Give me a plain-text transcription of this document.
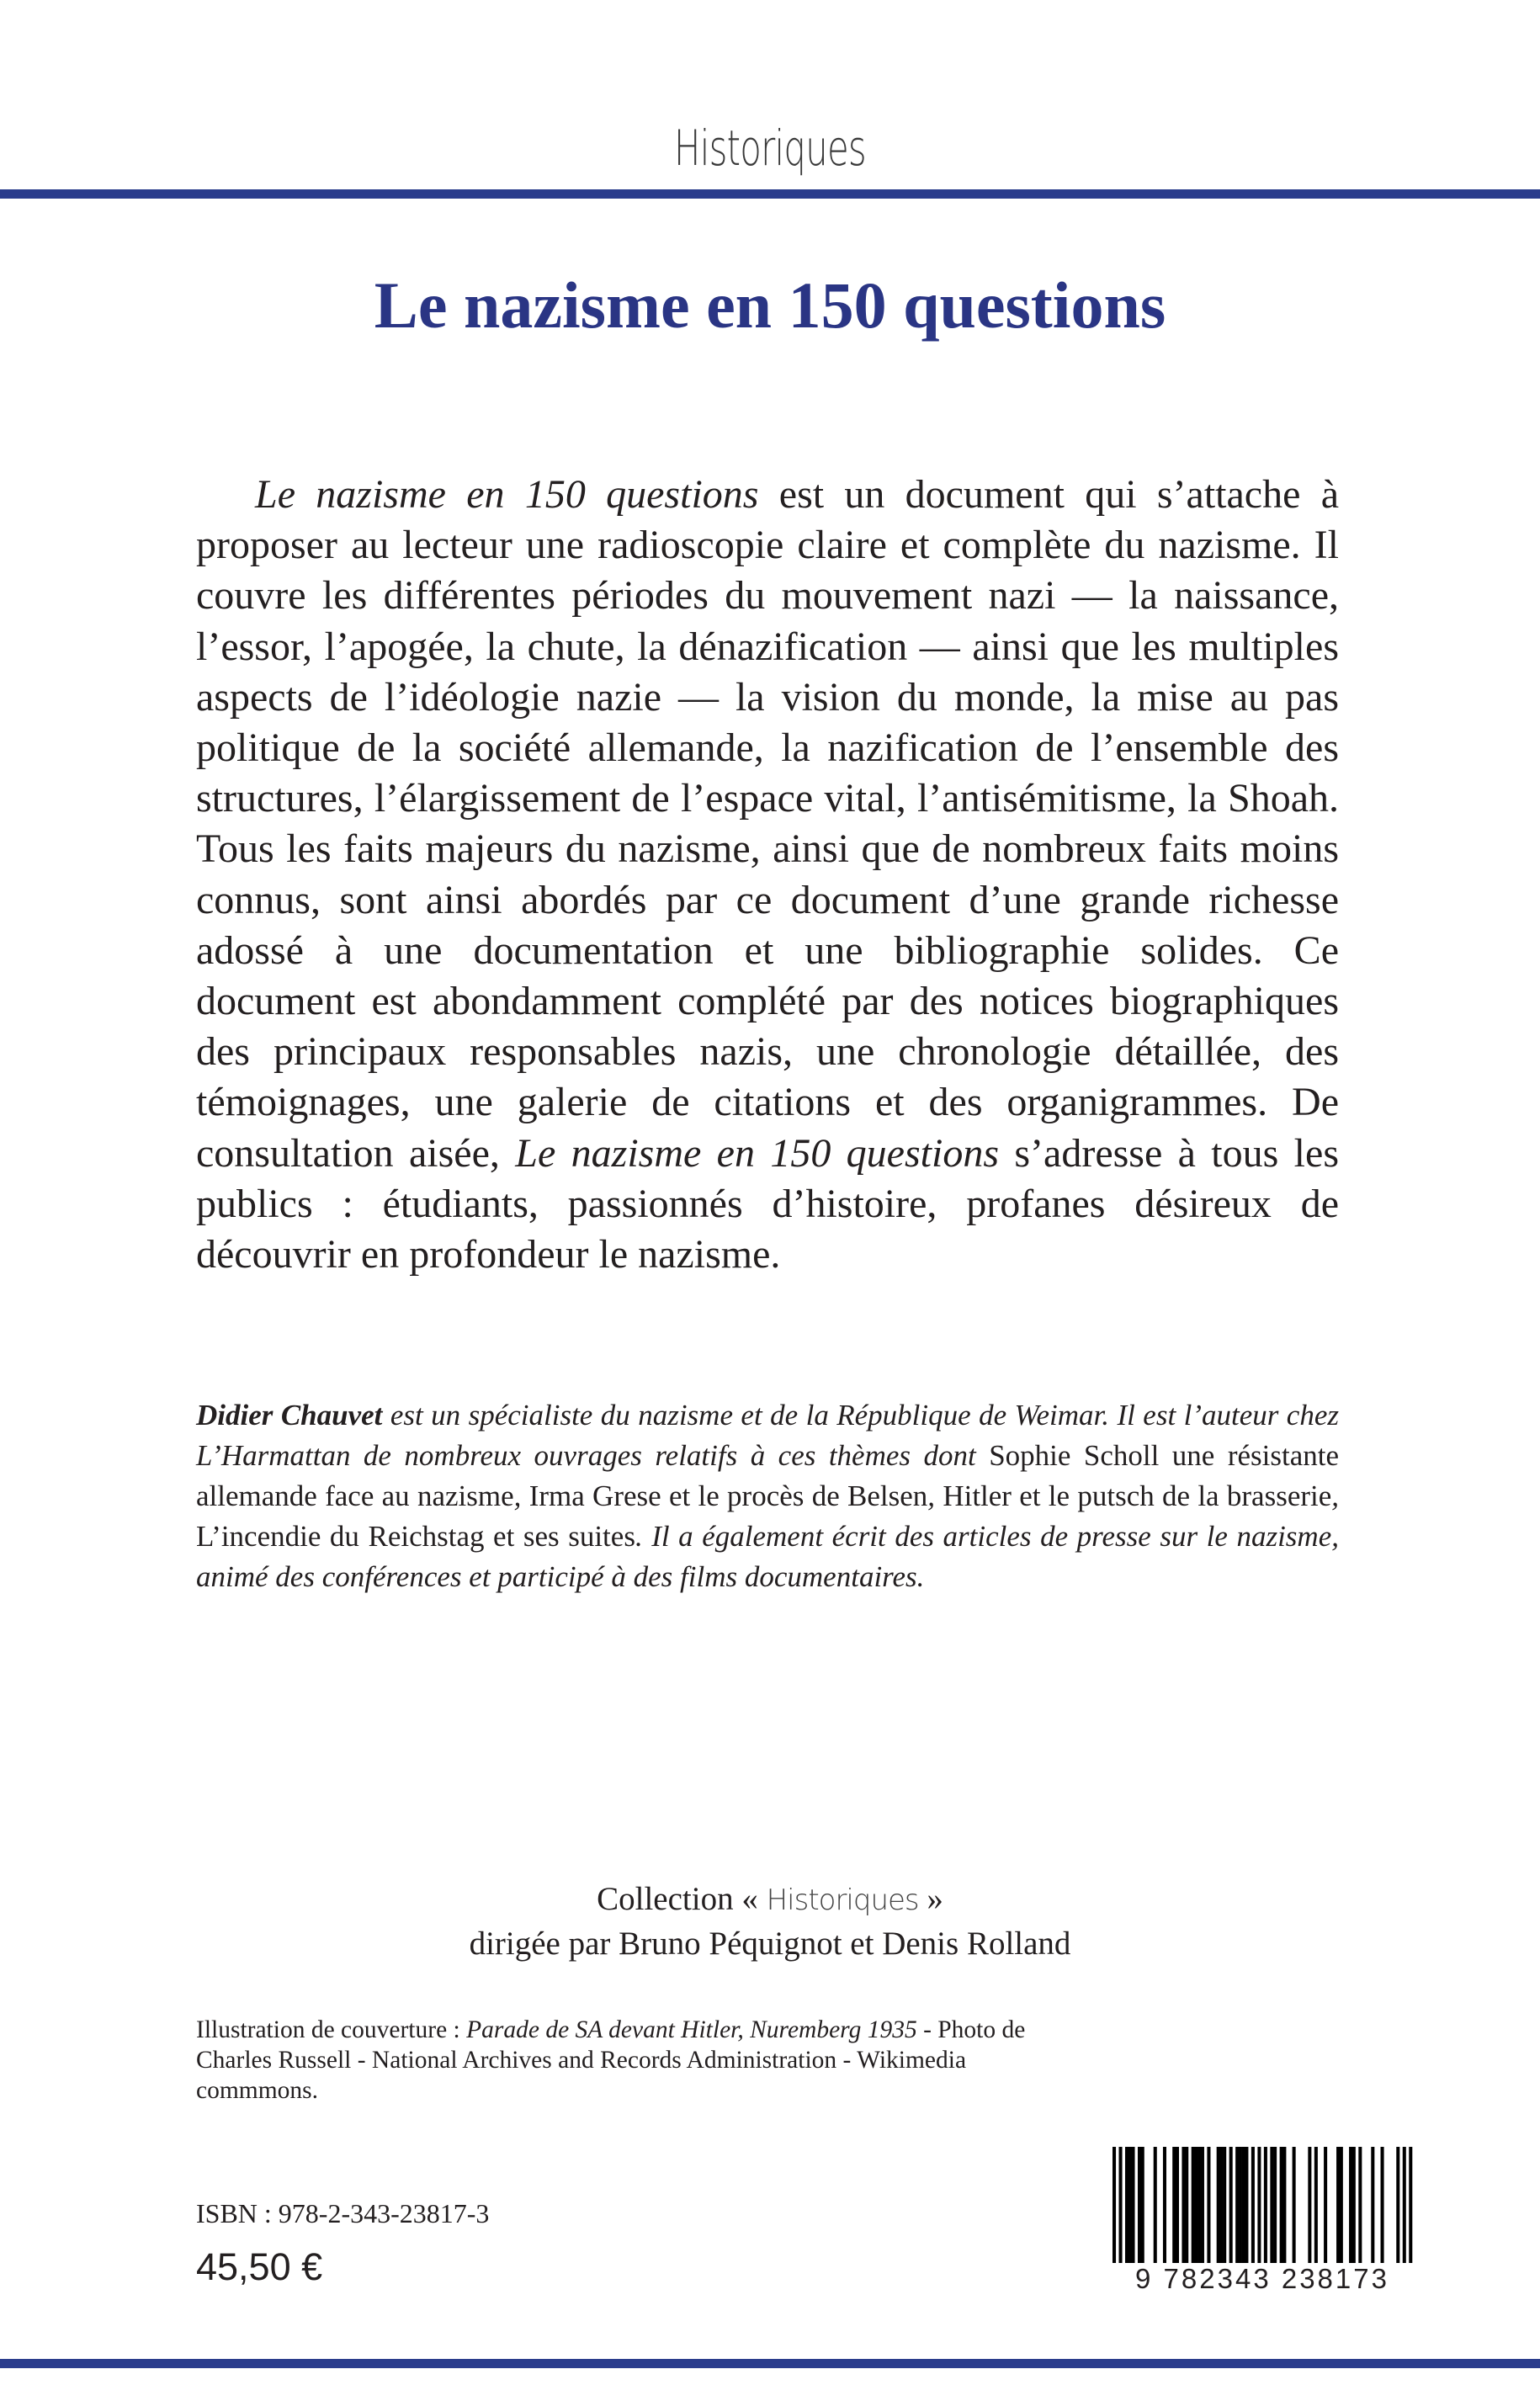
Historiques
Le nazisme en 150 questions

Le nazisme en 150 questions est un document qui s’attache à proposer au lecteur une radioscopie claire et complète du nazisme. Il couvre les différentes périodes du mouvement nazi — la naissance, l’essor, l’apogée, la chute, la dénazification — ainsi que les multiples aspects de l’idéologie nazie — la vision du monde, la mise au pas politique de la société allemande, la nazification de l’ensemble des structures, l’élargissement de l’espace vital, l’antisémitisme, la Shoah. Tous les faits majeurs du nazisme, ainsi que de nombreux faits moins connus, sont ainsi abordés par ce document d’une grande richesse adossé à une documentation et une bibliographie solides. Ce document est abondamment complété par des notices biographiques des principaux responsables nazis, une chronologie détaillée, des témoignages, une galerie de citations et des organigrammes. De consultation aisée, Le nazisme en 150 questions s’adresse à tous les publics : étudiants, passionnés d’histoire, profanes désireux de découvrir en profondeur le nazisme.

Didier Chauvet est un spécialiste du nazisme et de la République de Weimar. Il est l’auteur chez L’Harmattan de nombreux ouvrages relatifs à ces thèmes dont Sophie Scholl une résistante allemande face au nazisme, Irma Grese et le procès de Belsen, Hitler et le putsch de la brasserie, L’incendie du Reichstag et ses suites. Il a également écrit des articles de presse sur le nazisme, animé des conférences et participé à des films documentaires.

Collection « Historiques »
dirigée par Bruno Péquignot et Denis Rolland

Illustration de couverture : Parade de SA devant Hitler, Nuremberg 1935 - Photo de Charles Russell - National Archives and Records Administration - Wikimedia commmons.

ISBN : 978-2-343-23817-3
45,50 €	9 782343 238173
